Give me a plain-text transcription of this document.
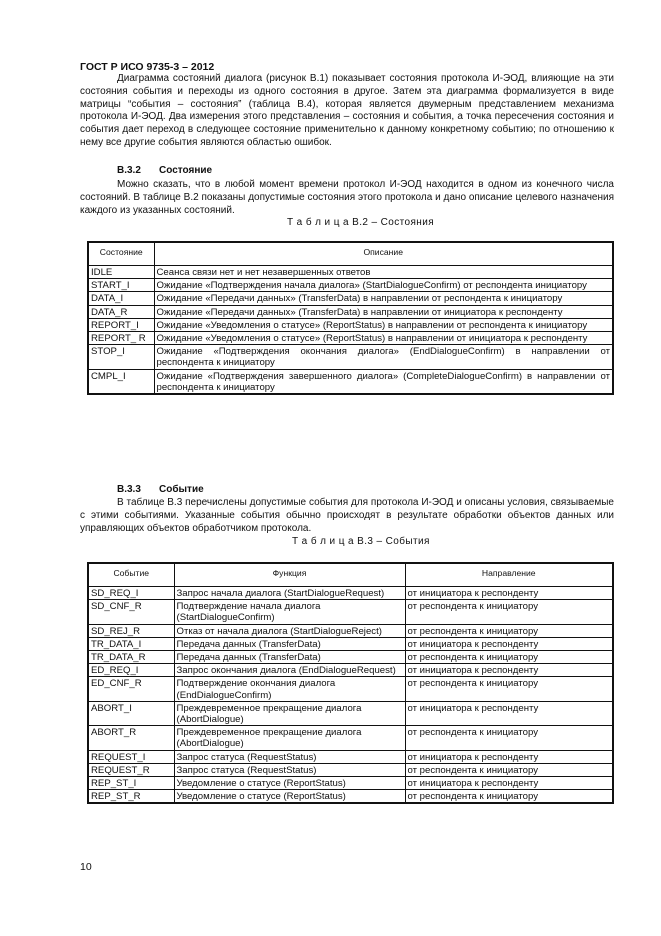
ГОСТ Р ИСО 9735-3 – 2012

Диаграмма состояний диалога (рисунок В.1) показывает состояния протокола И-ЭОД, влияющие на эти состояния события и переходы из одного состояния в другое. Затем эта диаграмма формализуется в виде матрицы “события – состояния” (таблица В.4), которая является двумерным представлением механизма протокола И-ЭОД. Два измерения этого представления – состояния и события, а точка пересечения состояния и события дает переход в следующее состояние применительно к данному конкретному событию; по отношению к нему все другие события являются областью ошибок.

В.3.2 Состояние

Можно сказать, что в любой момент времени протокол И-ЭОД находится в одном из конечного числа состояний. В таблице В.2 показаны допустимые состояния этого протокола и дано описание целевого назначения каждого из указанных состояний.

Т а б л и ц а В.2 – Состояния
Состояние	Описание
IDLE	Сеанса связи нет и нет незавершенных ответов
START_I	Ожидание «Подтверждения начала диалога» (StartDialogueConfirm) от респондента инициатору
DATA_I	Ожидание «Передачи данных» (TransferData) в направлении от респондента к инициатору
DATA_R	Ожидание «Передачи данных» (TransferData) в направлении от инициатора к респонденту
REPORT_I	Ожидание «Уведомления о статусе» (ReportStatus) в направлении от респондента к инициатору
REPORT_ R	Ожидание «Уведомления о статусе» (ReportStatus) в направлении от инициатора к респонденту
STOP_I	Ожидание «Подтверждения окончания диалога» (EndDialogueConfirm) в направлении от респондента к инициатору
CMPL_I	Ожидание «Подтверждения завершенного диалога» (CompleteDialogueConfirm) в направлении от респондента к инициатору
В.3.3 Событие

В таблице В.3 перечислены допустимые события для протокола И-ЭОД и описаны условия, связываемые с этими событиями. Указанные события обычно происходят в результате обработки объектов данных или управляющих объектов обработчиком протокола.

Т а б л и ц а В.3 – События
Событие	Функция	Направление
SD_REQ_I	Запрос начала диалога (StartDialogueRequest)	от инициатора к респонденту
SD_CNF_R	Подтверждение начала диалога (StartDialogueConfirm)	от респондента к инициатору
SD_REJ_R	Отказ от начала диалога (StartDialogueReject)	от респондента к инициатору
TR_DATA_I	Передача данных (TransferData)	от инициатора к респонденту
TR_DATA_R	Передача данных (TransferData)	от респондента к инициатору
ED_REQ_I	Запрос окончания диалога (EndDialogueRequest)	от инициатора к респонденту
ED_CNF_R	Подтверждение окончания диалога (EndDialogueConfirm)	от респондента к инициатору
ABORT_I	Преждевременное прекращение диалога (AbortDialogue)	от инициатора к респонденту
ABORT_R	Преждевременное прекращение диалога (AbortDialogue)	от респондента к инициатору
REQUEST_I	Запрос статуса (RequestStatus)	от инициатора к респонденту
REQUEST_R	Запрос статуса (RequestStatus)	от респондента к инициатору
REP_ST_I	Уведомление о статусе (ReportStatus)	от инициатора к респонденту
REP_ST_R	Уведомление о статусе (ReportStatus)	от респондента к инициатору
10
